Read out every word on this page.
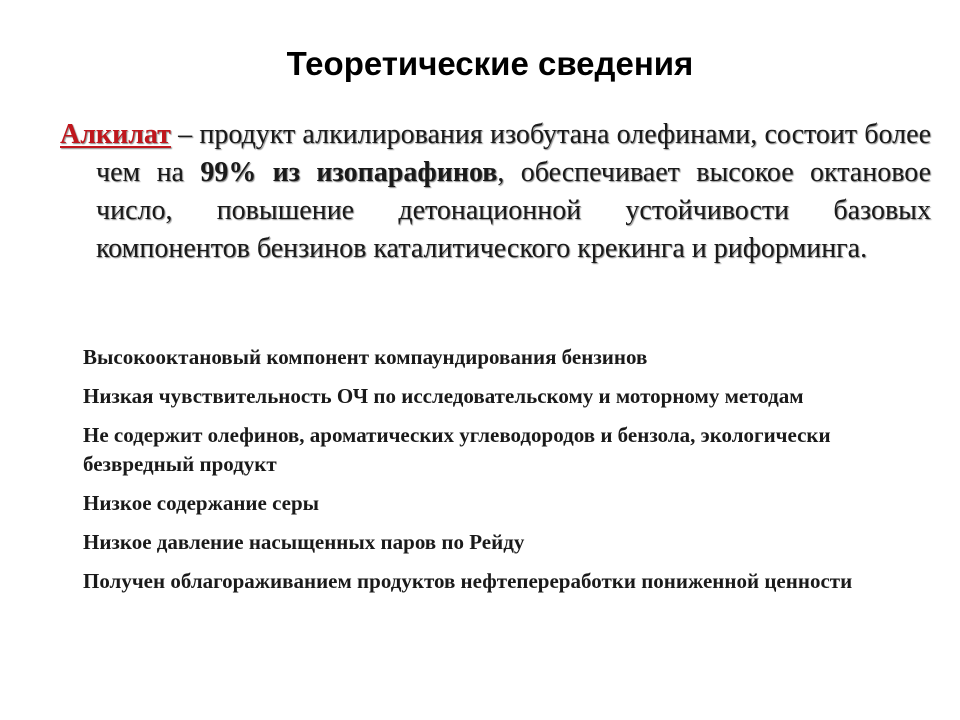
Теоретические сведения

Алкилат – продукт алкилирования изобутана олефинами, состоит более чем на 99% из изопарафинов, обеспечивает высокое октановое число, повышение детонационной устойчивости базовых компонентов бензинов каталитического крекинга и риформинга.

Высокооктановый компонент компаундирования бензинов
Низкая чувствительность ОЧ по исследовательскому и моторному методам
Не содержит олефинов, ароматических углеводородов и бензола, экологически безвредный продукт
Низкое содержание серы
Низкое давление насыщенных паров по Рейду
Получен облагораживанием продуктов нефтепереработки пониженной ценности
